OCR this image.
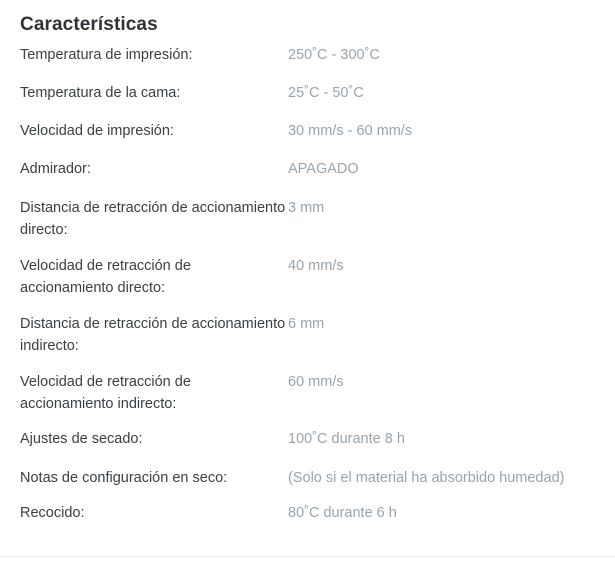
Características
Temperatura de impresión:	250˚C - 300˚C
Temperatura de la cama:	25˚C - 50˚C
Velocidad de impresión:	30 mm/s - 60 mm/s
Admirador:	APAGADO
Distancia de retracción de accionamiento directo:
3 mm
Velocidad de retracción de accionamiento directo:
40 mm/s
Distancia de retracción de accionamiento indirecto:
6 mm
Velocidad de retracción de accionamiento indirecto:
60 mm/s
Ajustes de secado:	100˚C durante 8 h
Notas de configuración en seco:	(Solo si el material ha absorbido humedad)
Recocido:	80˚C durante 6 h
